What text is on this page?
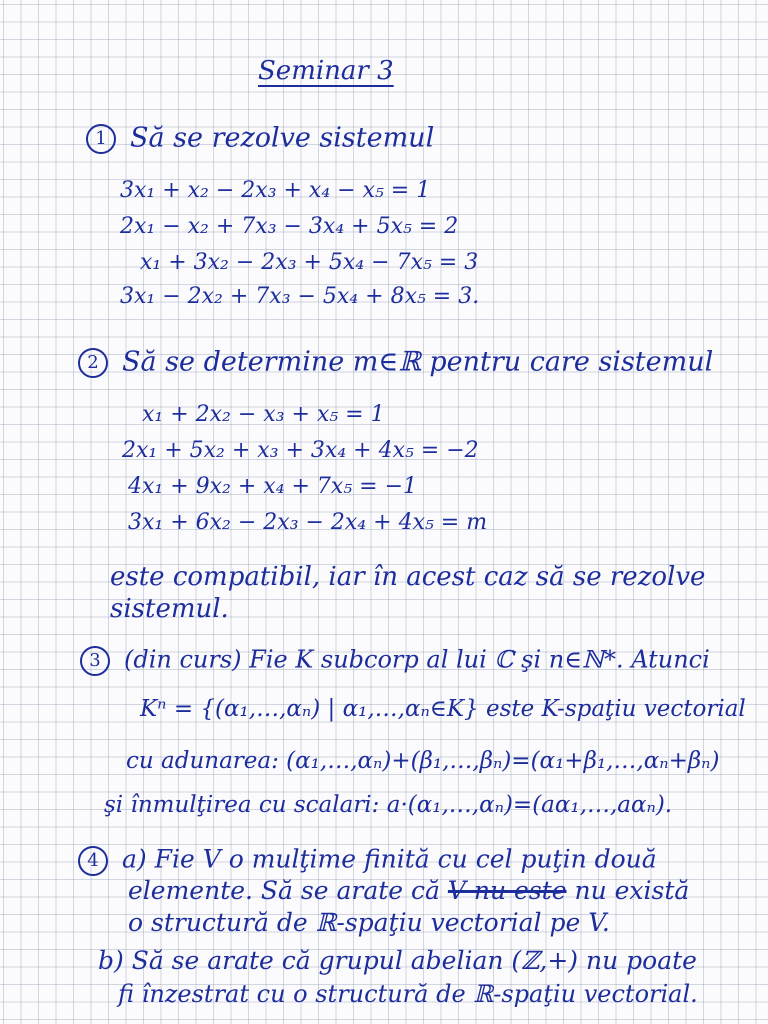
Seminar 3
1 Să se rezolve sistemul
3x₁ + x₂ − 2x₃ + x₄ − x₅ = 1
2x₁ − x₂ + 7x₃ − 3x₄ + 5x₅ = 2
x₁ + 3x₂ − 2x₃ + 5x₄ − 7x₅ = 3
3x₁ − 2x₂ + 7x₃ − 5x₄ + 8x₅ = 3.
2 Să se determine m∈ℝ pentru care sistemul
x₁ + 2x₂ − x₃ + x₅ = 1
2x₁ + 5x₂ + x₃ + 3x₄ + 4x₅ = −2
4x₁ + 9x₂ + x₄ + 7x₅ = −1
3x₁ + 6x₂ − 2x₃ − 2x₄ + 4x₅ = m
este compatibil, iar în acest caz să se rezolve
sistemul.
3 (din curs) Fie K subcorp al lui ℂ şi n∈ℕ*. Atunci
Kⁿ = {(α₁,…,αₙ) | α₁,…,αₙ∈K} este K-spaţiu vectorial
cu adunarea: (α₁,…,αₙ)+(β₁,…,βₙ)=(α₁+β₁,…,αₙ+βₙ)
şi înmulţirea cu scalari: a·(α₁,…,αₙ)=(aα₁,…,aαₙ).
4 a) Fie V o mulţime finită cu cel puţin două
elemente. Să se arate că V nu este nu există
o structură de ℝ-spaţiu vectorial pe V.
b) Să se arate că grupul abelian (ℤ,+) nu poate
fi înzestrat cu o structură de ℝ-spaţiu vectorial.
